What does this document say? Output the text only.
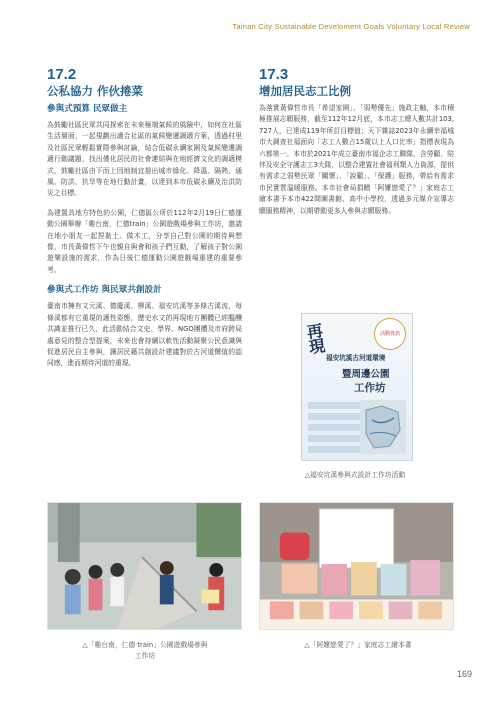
Tainan City Sustainable Develoment Goals Voluntary Local Review
17.2
公私協力 作伙捲菜
參與式預算 民眾做主

為鼓勵社區民眾共同探索在未來極端氣候的風險中，如何在社區生活層面，一起規劃出適合社區的氣候變遷調適方案，透過村里及社區民眾輕鬆實際參與討論，結合低碳永續家園及氣候變遷調適行動議題，找出僅化居民的社會連結與在地經濟文化的調適模式，鼓勵社區由下而上因地制宜提出城市綠化、降溫、隔熱、通風、防洪、抗旱等在地行動計畫，以達到本市低碳永續及治洪防災之目標。

為建置具地方特色的公園，仁德區公所於112年2月19日仁德運動公園舉辦「趣台南，仁德train」公園遊戲場參與工作坊，邀請在地小朋友一起捏黏土、做木工，分享自己對公園的期待與想像，市長黃偉哲下午也親自與會和孩子們互動，了解孩子對公園遊樂設施的需求，作為日後仁德運動公園遊戲場重建的重要參考。

參與式工作坊 與民眾共創設計

臺南市擁有文元溪、德慶溪、柳溪、福安坑溪等多條古溪流，每條溪都有它重現的適性姿態，歷史水文的再現地方團體已經醞釀共識並推行已久，此活動結合文史、學界、NGO團體及市府跨局處意見的整合型提案，未來也會持續以軟性活動凝聚公民意識與促進居民自主參與，讓居民藉共創設計建議對於古河道價值的認同感，進而期待河道的重現。

17.3
增加居民志工比例

為落實黃偉哲市長「希望家園」、「弱勢優先」施政主軸，本市積極推展志願服務，截至112年12月底，本市志工總人數共計103,727人，已達成119年所訂目標值；天下雜誌2023年永續幸福城市大調查社福面向「志工人數占15歲以上人口比率」指標表現為六都第一。本市於2021年成立臺南市福企志工聯隊，含勞顧、陪伴及安全守護志工3大隊，以整合建置社會福利類人力資源，提供有需求之弱勢民眾「關懷」、「說顧」、「保護」服務，帶給有需求市民實質溫暖服務。本市社會局捐贈「阿嬤戀愛了？」家庭志工繪本書予本市422間圖書館、高中小學校，透過多元媒介宣導志願服務精神，以期帶動更多人參與志願服務。

再現
活動資訊
福安坑溪古河道環境
暨周邊公園
工作坊
△福安坑溪參與式設計工作坊活動
△「趣台南，仁德 train」公園遊戲場參與工作坊
△「阿嬤戀愛了？」家庭志工繪本書
169
